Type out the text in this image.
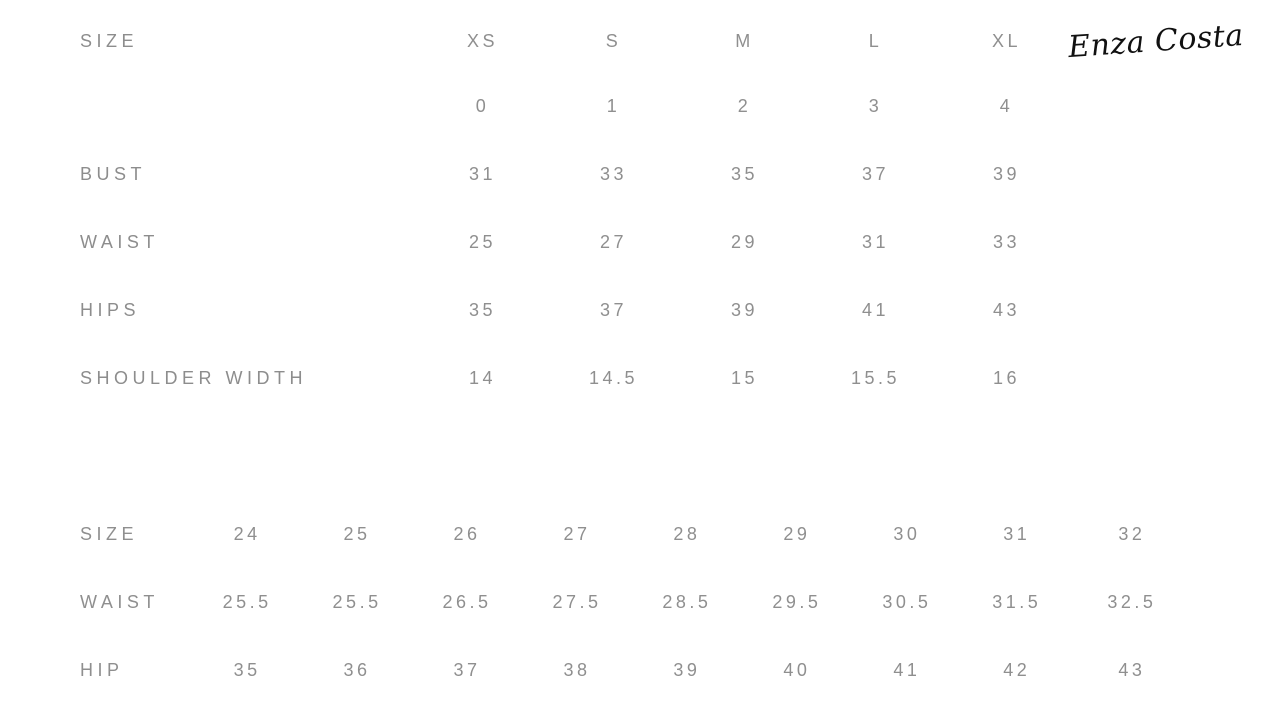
Enza Costa
SIZE	XS	S	M	L	XL
	0	1	2	3	4
BUST	31	33	35	37	39
WAIST	25	27	29	31	33
HIPS	35	37	39	41	43
SHOULDER WIDTH	14	14.5	15	15.5	16
SIZE	24	25	26	27	28	29	30	31	32
WAIST	25.5	25.5	26.5	27.5	28.5	29.5	30.5	31.5	32.5
HIP	35	36	37	38	39	40	41	42	43
